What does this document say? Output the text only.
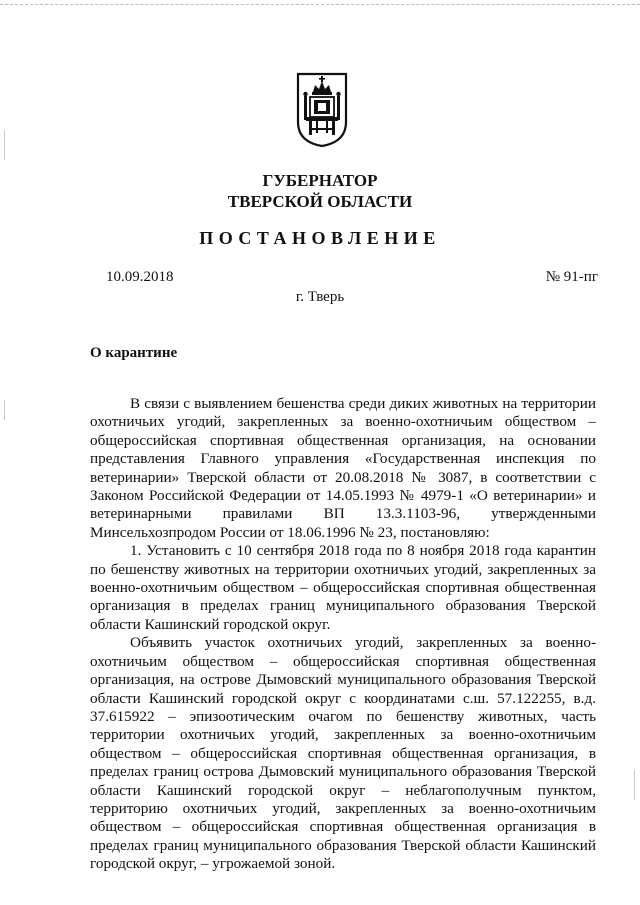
ГУБЕРНАТОР
ТВЕРСКОЙ ОБЛАСТИ
ПОСТАНОВЛЕНИЕ
10.09.2018	№ 91-пг
г. Тверь
О карантине

В связи с выявлением бешенства среди диких животных на территории охотничьих угодий, закрепленных за военно-охотничьим обществом – общероссийская спортивная общественная организация, на основании представления Главного управления «Государственная инспекция по ветеринарии» Тверской области от 20.08.2018 № 3087, в соответствии с Законом Российской Федерации от 14.05.1993 № 4979-1 «О ветеринарии» и ветеринарными правилами ВП 13.3.1103-96, утвержденными Минсельхозпродом России от 18.06.1996 № 23, постановляю:

1. Установить с 10 сентября 2018 года по 8 ноября 2018 года карантин по бешенству животных на территории охотничьих угодий, закрепленных за военно-охотничьим обществом – общероссийская спортивная общественная организация в пределах границ муниципального образования Тверской области Кашинский городской округ.

Объявить участок охотничьих угодий, закрепленных за военно-охотничьим обществом – общероссийская спортивная общественная организация, на острове Дымовский муниципального образования Тверской области Кашинский городской округ с координатами с.ш. 57.122255, в.д. 37.615922 – эпизоотическим очагом по бешенству животных, часть территории охотничьих угодий, закрепленных за военно-охотничьим обществом – общероссийская спортивная общественная организация, в пределах границ острова Дымовский муниципального образования Тверской области Кашинский городской округ – неблагополучным пунктом, территорию охотничьих угодий, закрепленных за военно-охотничьим обществом – общероссийская спортивная общественная организация в пределах границ муниципального образования Тверской области Кашинский городской округ, – угрожаемой зоной.
